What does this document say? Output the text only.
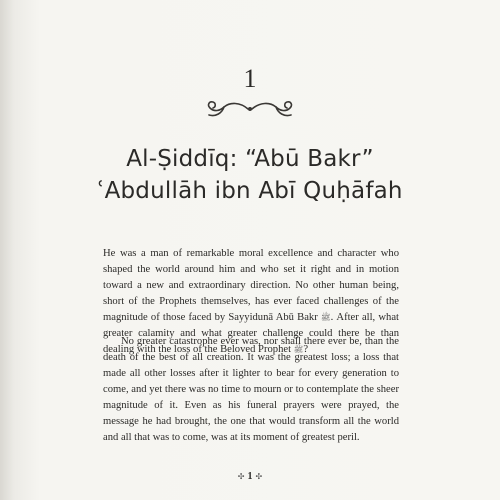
1
Al-Ṣiddīq: “Abū Bakr”
ʿAbdullāh ibn Abī Quḥāfah

He was a man of remarkable moral excellence and character who shaped the world around him and who set it right and in motion toward a new and extraordinary direction. No other human being, short of the Prophets themselves, has ever faced challenges of the magnitude of those faced by Sayyidunā Abū Bakr ﷺ. After all, what greater calamity and what greater challenge could there be than dealing with the loss of the Beloved Prophet ﷺ?

No greater catastrophe ever was, nor shall there ever be, than the death of the best of all creation. It was the greatest loss; a loss that made all other losses after it lighter to bear for every generation to come, and yet there was no time to mourn or to contemplate the sheer magnitude of it. Even as his funeral prayers were prayed, the message he had brought, the one that would transform all the world and all that was to come, was at its moment of greatest peril.

✣ 1 ✣
